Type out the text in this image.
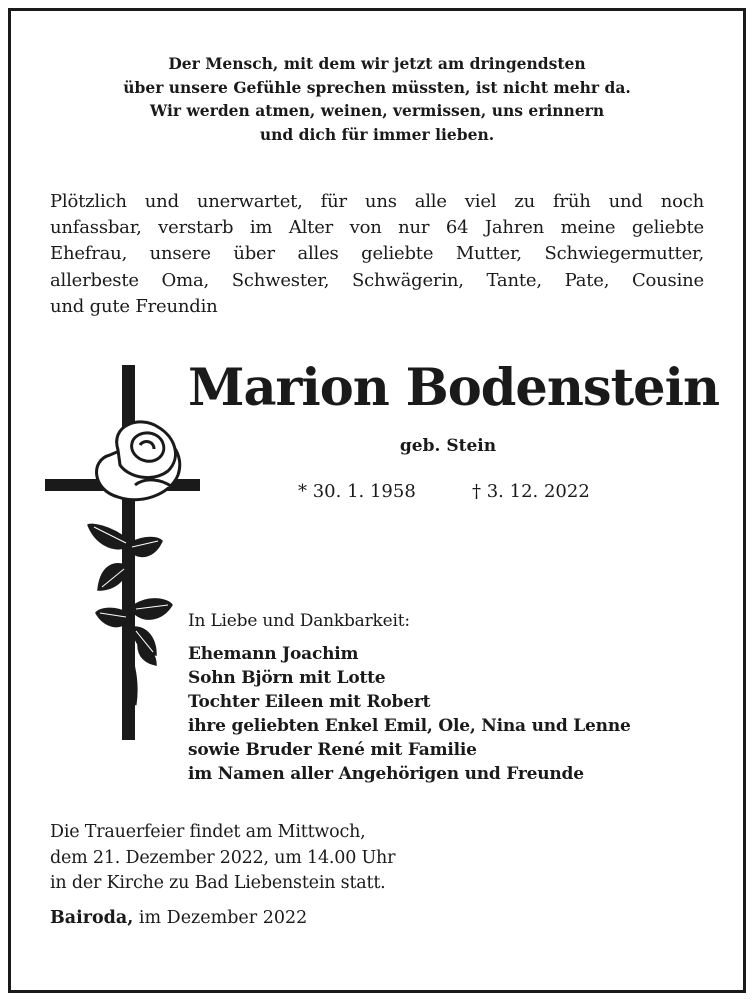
Der Mensch, mit dem wir jetzt am dringendsten
über unsere Gefühle sprechen müssten, ist nicht mehr da.
Wir werden atmen, weinen, vermissen, uns erinnern
und dich für immer lieben.
Plötzlich und unerwartet, für uns alle viel zu früh und noch
unfassbar, verstarb im Alter von nur 64 Jahren meine geliebte
Ehefrau, unsere über alles geliebte Mutter, Schwiegermutter,
allerbeste Oma, Schwester, Schwägerin, Tante, Pate, Cousine
und gute Freundin
Marion Bodenstein
geb. Stein
* 30. 1. 1958	† 3. 12. 2022
In Liebe und Dankbarkeit:
Ehemann Joachim
Sohn Björn mit Lotte
Tochter Eileen mit Robert
ihre geliebten Enkel Emil, Ole, Nina und Lenne
sowie Bruder René mit Familie
im Namen aller Angehörigen und Freunde
Die Trauerfeier findet am Mittwoch,
dem 21. Dezember 2022, um 14.00 Uhr
in der Kirche zu Bad Liebenstein statt.
Bairoda, im Dezember 2022
